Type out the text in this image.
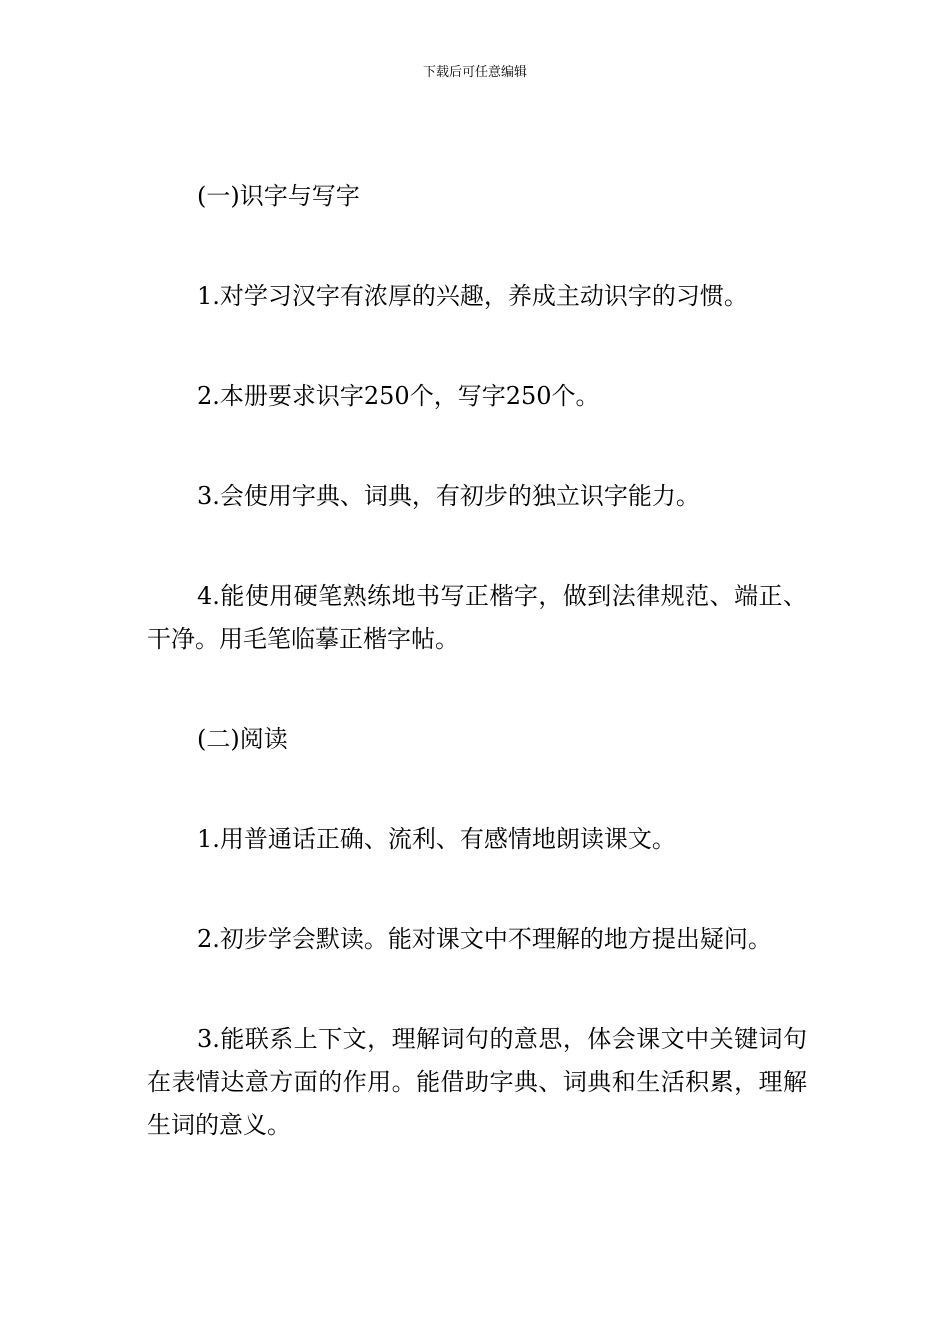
下载后可任意编辑

(一)识字与写字

1.对学习汉字有浓厚的兴趣，养成主动识字的习惯。

2.本册要求识字250个，写字250个。

3.会使用字典、词典，有初步的独立识字能力。

4.能使用硬笔熟练地书写正楷字，做到法律规范、端正、干净。用毛笔临摹正楷字帖。

(二)阅读

1.用普通话正确、流利、有感情地朗读课文。

2.初步学会默读。能对课文中不理解的地方提出疑问。

3.能联系上下文，理解词句的意思，体会课文中关键词句在表情达意方面的作用。能借助字典、词典和生活积累，理解生词的意义。
